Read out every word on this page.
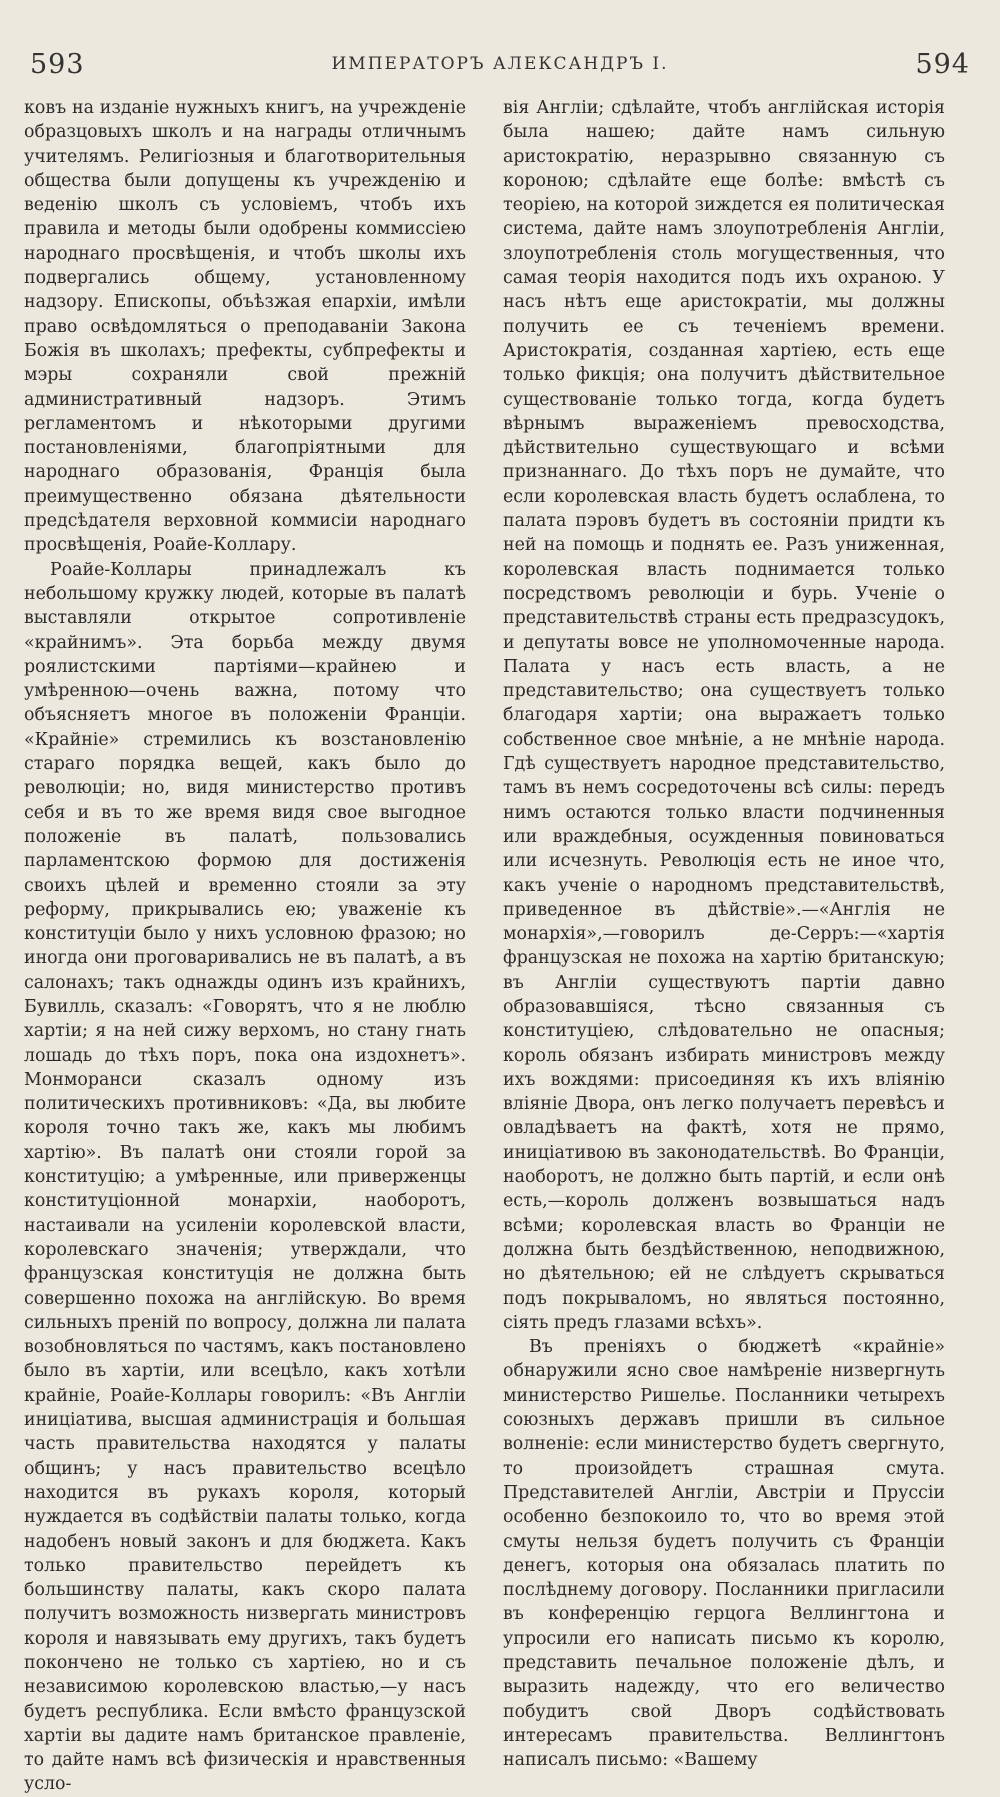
593	ИМПЕРАТОРЪ АЛЕКСАНДРЪ I.	594

ковъ на изданіе нужныхъ книгъ, на учрежденіе образцовыхъ школъ и на награды отличнымъ учителямъ. Религіозныя и благотворительныя общества были допущены къ учрежденію и веденію школъ съ условіемъ, чтобъ ихъ правила и методы были одобрены коммиссіею народнаго просвѣщенія, и чтобъ школы ихъ подвергались общему, установленному надзору. Епископы, объѣзжая епархіи, имѣли право освѣдомляться о преподаваніи Закона Божія въ школахъ; префекты, субпрефекты и мэры сохраняли свой прежній административный надзоръ. Этимъ регламентомъ и нѣкоторыми другими постановленіями, благопріятными для народнаго образованія, Франція была преимущественно обязана дѣятельности предсѣдателя верховной коммисіи народнаго просвѣщенія, Роайе-Коллару.

Роайе-Коллары принадлежалъ къ небольшому кружку людей, которые въ палатѣ выставляли открытое сопротивленіе «крайнимъ». Эта борьба между двумя роялистскими партіями—крайнею и умѣренною—очень важна, потому что объясняетъ многое въ положеніи Франціи. «Крайніе» стремились къ возстановленію стараго порядка вещей, какъ было до революціи; но, видя министерство противъ себя и въ то же время видя свое выгодное положеніе въ палатѣ, пользовались парламентскою формою для достиженія своихъ цѣлей и временно стояли за эту реформу, прикрывались ею; уваженіе къ конституціи было у нихъ условною фразою; но иногда они проговаривались не въ палатѣ, а въ салонахъ; такъ однажды одинъ изъ крайнихъ, Бувилль, сказалъ: «Говорятъ, что я не люблю хартіи; я на ней сижу верхомъ, но стану гнать лошадь до тѣхъ поръ, пока она издохнетъ». Монморанси сказалъ одному изъ политическихъ противниковъ: «Да, вы любите короля точно такъ же, какъ мы любимъ хартію». Въ палатѣ они стояли горой за конституцію; а умѣренные, или приверженцы конституціонной монархіи, наоборотъ, настаивали на усиленіи королевской власти, королевскаго значенія; утверждали, что французская конституція не должна быть совершенно похожа на англійскую. Во время сильныхъ преній по вопросу, должна ли палата возобновляться по частямъ, какъ постановлено было въ хартіи, или всецѣло, какъ хотѣли крайніе, Роайе-Коллары говорилъ: «Въ Англіи иниціатива, высшая администрація и большая часть правительства находятся у палаты общинъ; у насъ правительство всецѣло находится въ рукахъ короля, который нуждается въ содѣйствіи палаты только, когда надобенъ новый законъ и для бюджета. Какъ только правительство перейдетъ къ большинству палаты, какъ скоро палата получитъ возможность низвергать министровъ короля и навязывать ему другихъ, такъ будетъ покончено не только съ хартіею, но и съ независимою королевскою властью,—у насъ будетъ республика. Если вмѣсто французской хартіи вы дадите намъ британское правленіе, то дайте намъ всѣ физическія и нравственныя усло-

вія Англіи; сдѣлайте, чтобъ англійская исторія была нашею; дайте намъ сильную аристократію, неразрывно связанную съ короною; сдѣлайте еще болѣе: вмѣстѣ съ теоріею, на которой зиждется ея политическая система, дайте намъ злоупотребленія Англіи, злоупотребленія столь могущественныя, что самая теорія находится подъ ихъ охраною. У насъ нѣтъ еще аристократіи, мы должны получить ее съ теченіемъ времени. Аристократія, созданная хартіею, есть еще только фикція; она получитъ дѣйствительное существованіе только тогда, когда будетъ вѣрнымъ выраженіемъ превосходства, дѣйствительно существующаго и всѣми признаннаго. До тѣхъ поръ не думайте, что если королевская власть будетъ ослаблена, то палата пэровъ будетъ въ состояніи придти къ ней на помощь и поднять ее. Разъ униженная, королевская власть поднимается только посредствомъ революціи и бурь. Ученіе о представительствѣ страны есть предразсудокъ, и депутаты вовсе не уполномоченные народа. Палата у насъ есть власть, а не представительство; она существуетъ только благодаря хартіи; она выражаетъ только собственное свое мнѣніе, а не мнѣніе народа. Гдѣ существуетъ народное представительство, тамъ въ немъ сосредоточены всѣ силы: передъ нимъ остаются только власти подчиненныя или враждебныя, осужденныя повиноваться или исчезнуть. Революція есть не иное что, какъ ученіе о народномъ представительствѣ, приведенное въ дѣйствіе».—«Англія не монархія»,—говорилъ де-Серръ:—«хартія французская не похожа на хартію британскую; въ Англіи существуютъ партіи давно образовавшіяся, тѣсно связанныя съ конституціею, слѣдовательно не опасныя; король обязанъ избирать министровъ между ихъ вождями: присоединяя къ ихъ вліянію вліяніе Двора, онъ легко получаетъ перевѣсъ и овладѣваетъ на фактѣ, хотя не прямо, иниціативою въ законодательствѣ. Во Франціи, наоборотъ, не должно быть партій, и если онѣ есть,—король долженъ возвышаться надъ всѣми; королевская власть во Франціи не должна быть бездѣйственною, неподвижною, но дѣятельною; ей не слѣдуетъ скрываться подъ покрываломъ, но являться постоянно, сіять предъ глазами всѣхъ».

Въ преніяхъ о бюджетѣ «крайніе» обнаружили ясно свое намѣреніе низвергнуть министерство Ришелье. Посланники четырехъ союзныхъ державъ пришли въ сильное волненіе: если министерство будетъ свергнуто, то произойдетъ страшная смута. Представителей Англіи, Австріи и Пруссіи особенно безпокоило то, что во время этой смуты нельзя будетъ получить съ Франціи денегъ, которыя она обязалась платить по послѣднему договору. Посланники пригласили въ конференцію герцога Веллингтона и упросили его написать письмо къ королю, представить печальное положеніе дѣлъ, и выразить надежду, что его величество побудитъ свой Дворъ содѣйствовать интересамъ правительства. Веллингтонъ написалъ письмо: «Вашему
